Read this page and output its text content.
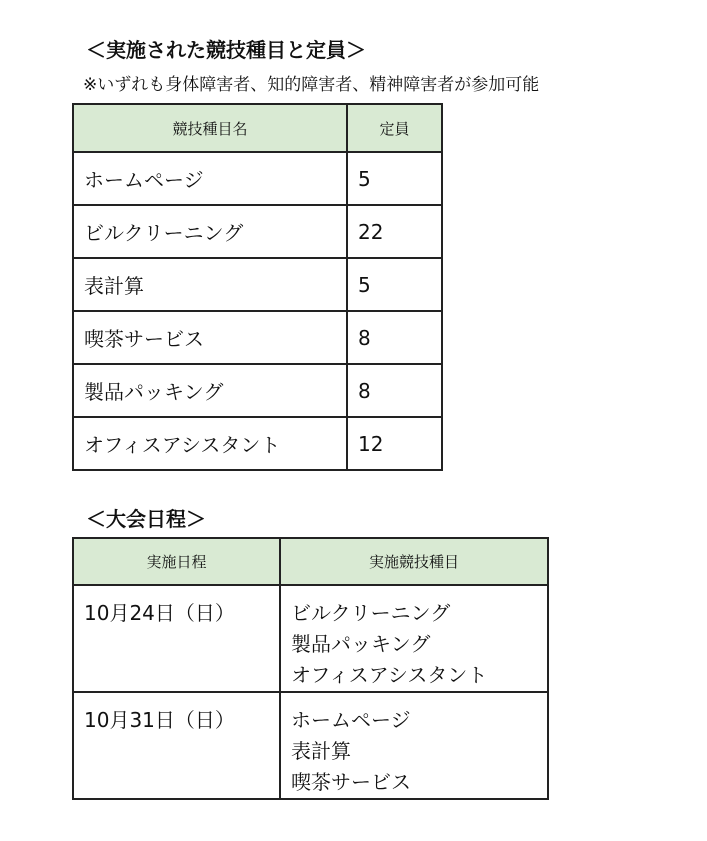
＜実施された競技種目と定員＞
※いずれも身体障害者、知的障害者、精神障害者が参加可能
競技種目名	定員
ホームページ	5
ビルクリーニング	22
表計算	5
喫茶サービス	8
製品パッキング	8
オフィスアシスタント	12
＜大会日程＞
実施日程	実施競技種目
10月24日（日）	ビルクリーニング
製品パッキング
オフィスアシスタント

10月31日（日）	ホームページ
表計算
喫茶サービス
